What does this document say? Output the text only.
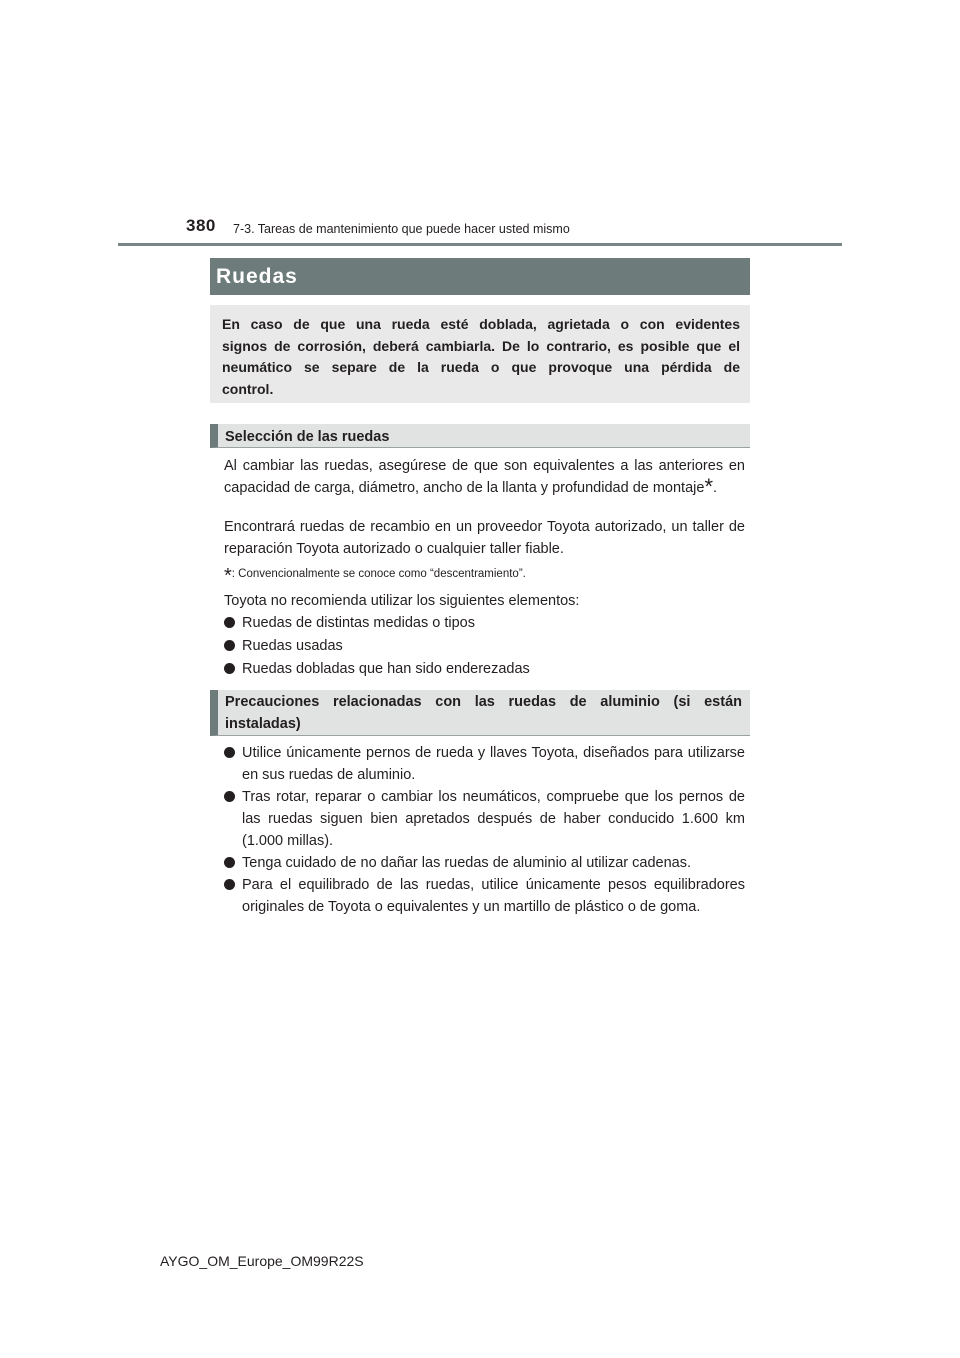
380 7-3. Tareas de mantenimiento que puede hacer usted mismo
Ruedas
En caso de que una rueda esté doblada, agrietada o con evidentes signos de corrosión, deberá cambiarla. De lo contrario, es posible que el neumático se separe de la rueda o que provoque una pérdida de control.
Selección de las ruedas
Al cambiar las ruedas, asegúrese de que son equivalentes a las anteriores en capacidad de carga, diámetro, ancho de la llanta y profundidad de montaje*.
Encontrará ruedas de recambio en un proveedor Toyota autorizado, un taller de reparación Toyota autorizado o cualquier taller fiable.
*: Convencionalmente se conoce como “descentramiento”.
Toyota no recomienda utilizar los siguientes elementos:
Ruedas de distintas medidas o tipos
Ruedas usadas
Ruedas dobladas que han sido enderezadas
Precauciones relacionadas con las ruedas de aluminio (si están instaladas)
Utilice únicamente pernos de rueda y llaves Toyota, diseñados para utilizarse en sus ruedas de aluminio.
Tras rotar, reparar o cambiar los neumáticos, compruebe que los pernos de las ruedas siguen bien apretados después de haber conducido 1.600 km (1.000 millas).
Tenga cuidado de no dañar las ruedas de aluminio al utilizar cadenas.
Para el equilibrado de las ruedas, utilice únicamente pesos equilibradores originales de Toyota o equivalentes y un martillo de plástico o de goma.
AYGO_OM_Europe_OM99R22S
